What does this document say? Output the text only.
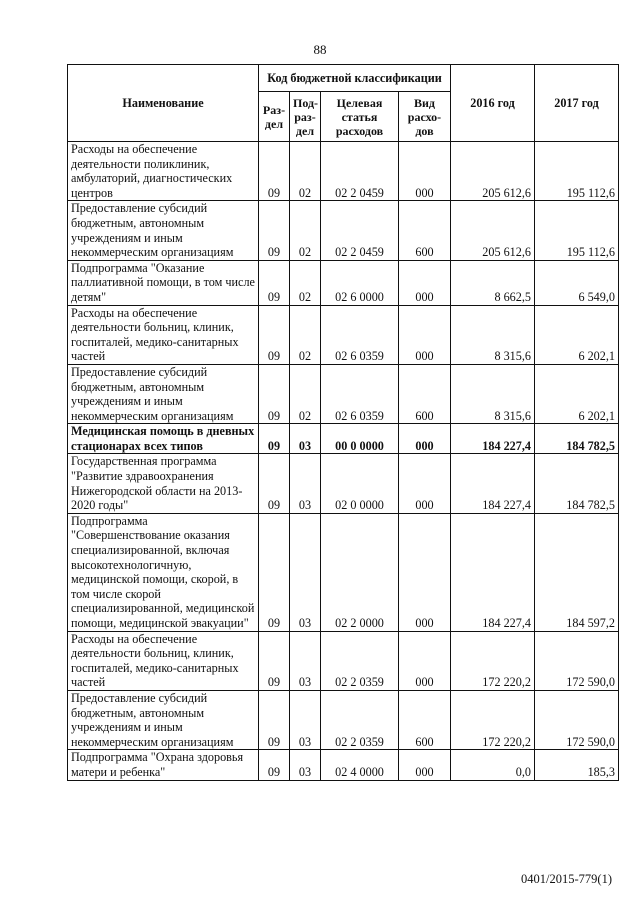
88
Наименование	Код бюджетной классификации				2016 год	2017 год
	Раз- дел	Под- раз- дел	Целевая статья расходов	Вид расхо- дов		
Расходы на обеспечение деятельности поликлиник, амбулаторий, диагностических центров	09	02	02 2 0459	000	205 612,6	195 112,6
Предоставление субсидий бюджетным, автономным учреждениям и иным некоммерческим организациям	09	02	02 2 0459	600	205 612,6	195 112,6
Подпрограмма "Оказание паллиативной помощи, в том числе детям"	09	02	02 6 0000	000	8 662,5	6 549,0
Расходы на обеспечение деятельности больниц, клиник, госпиталей, медико-санитарных частей	09	02	02 6 0359	000	8 315,6	6 202,1
Предоставление субсидий бюджетным, автономным учреждениям и иным некоммерческим организациям	09	02	02 6 0359	600	8 315,6	6 202,1
Медицинская помощь в дневных стационарах всех типов	09	03	00 0 0000	000	184 227,4	184 782,5
Государственная программа "Развитие здравоохранения Нижегородской области на 2013-2020 годы"	09	03	02 0 0000	000	184 227,4	184 782,5
Подпрограмма "Совершенствование оказания специализированной, включая высокотехнологичную, медицинской помощи, скорой, в том числе скорой специализированной, медицинской помощи, медицинской эвакуации"	09	03	02 2 0000	000	184 227,4	184 597,2
Расходы на обеспечение деятельности больниц, клиник, госпиталей, медико-санитарных частей	09	03	02 2 0359	000	172 220,2	172 590,0
Предоставление субсидий бюджетным, автономным учреждениям и иным некоммерческим организациям	09	03	02 2 0359	600	172 220,2	172 590,0
Подпрограмма "Охрана здоровья матери и ребенка"	09	03	02 4 0000	000	0,0	185,3
0401/2015-779(1)
